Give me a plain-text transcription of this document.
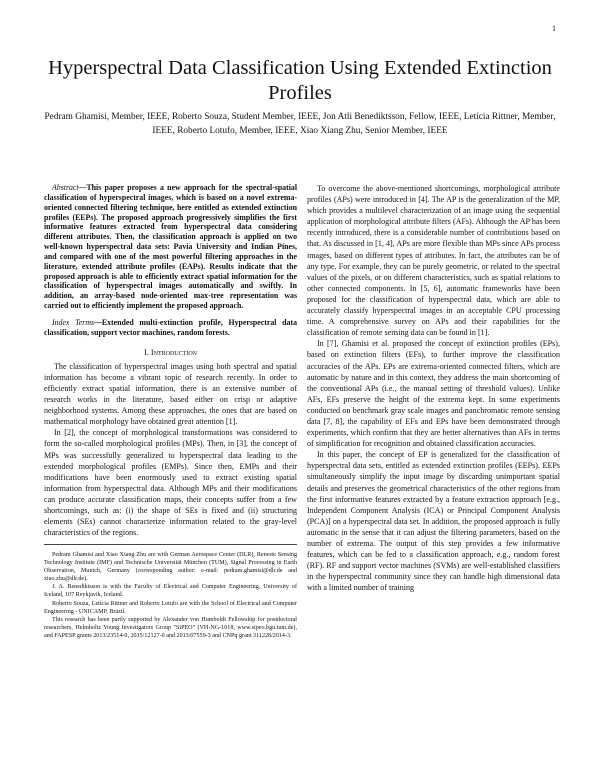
1
Hyperspectral Data Classification Using Extended Extinction Profiles
Pedram Ghamisi, Member, IEEE, Roberto Souza, Student Member, IEEE, Jon Atli Benediktsson, Fellow, IEEE, Letícia Rittner, Member, IEEE, Roberto Lotufo, Member, IEEE, Xiao Xiang Zhu, Senior Member, IEEE

Abstract—This paper proposes a new approach for the spectral-spatial classification of hyperspectral images, which is based on a novel extrema-oriented connected filtering technique, here entitled as extended extinction profiles (EEPs). The proposed approach progressively simplifies the first informative features extracted from hyperspectral data considering different attributes. Then, the classification approach is applied on two well-known hyperspectral data sets: Pavia University and Indian Pines, and compared with one of the most powerful filtering approaches in the literature, extended attribute profiles (EAPs). Results indicate that the proposed approach is able to efficiently extract spatial information for the classification of hyperspectral images automatically and swiftly. In addition, an array-based node-oriented max-tree representation was carried out to efficiently implement the proposed approach.

Index Terms—Extended multi-extinction profile, Hyperspectral data classification, support vector machines, random forests.

I. Introduction

The classification of hyperspectral images using both spectral and spatial information has become a vibrant topic of research recently. In order to efficiently extract spatial information, there is an extensive number of research works in the literature, based either on crisp or adaptive neighborhood systems. Among these approaches, the ones that are based on mathematical morphology have obtained great attention [1].

In [2], the concept of morphological transformations was considered to form the so-called morphological profiles (MPs). Then, in [3], the concept of MPs was successfully generalized to hyperspectral data leading to the extended morphological profiles (EMPs). Since then, EMPs and their modifications have been enormously used to extract existing spatial information from hyperspectral data. Although MPs and their modifications can produce accurate classification maps, their concepts suffer from a few shortcomings, such as: (i) the shape of SEs is fixed and (ii) structuring elements (SEs) cannot characterize information related to the gray-level characteristics of the regions.

Pedram Ghamisi and Xiao Xiang Zhu are with German Aerospace Center (DLR), Remote Sensing Technology Institute (IMF) and Technische Universität München (TUM), Signal Processing in Earth Observation, Munich, Germany (corresponding author: e-mail: pedram.ghamisi@dlr.de and xiao.zhu@dlr.de).

J. A. Benediktsson is with the Faculty of Electrical and Computer Engineering, University of Iceland, 107 Reykjavik, Iceland.

Roberto Souza, Letícia Rittner and Roberto Lotufo are with the School of Electrical and Computer Engineering - UNICAMP, Brazil.

This research has been partly supported by Alexander von Humboldt Fellowship for postdoctoral researchers, Helmholtz Young Investigators Group "SiPEO" (VH-NG-1018, www.sipeo.bgu.tum.de), and FAPESP grants 2013/23514-0, 2015/12127-0 and 2013/07559-3 and CNPq grant 311228/2014-3.

To overcome the above-mentioned shortcomings, morphological attribute profiles (APs) were introduced in [4]. The AP is the generalization of the MP, which provides a multilevel characterization of an image using the sequential application of morphological attribute filters (AFs). Although the AP has been recently introduced, there is a considerable number of contributions based on that. As discussed in [1, 4], APs are more flexible than MPs since APs process images, based on different types of attributes. In fact, the attributes can be of any type. For example, they can be purely geometric, or related to the spectral values of the pixels, or on different characteristics, such as spatial relations to other connected components. In [5, 6], automatic frameworks have been proposed for the classification of hyperspectral data, which are able to accurately classify hyperspectral images in an acceptable CPU processing time. A comprehensive survey on APs and their capabilities for the classification of remote sensing data can be found in [1].

In [7], Ghamisi et al. proposed the concept of extinction profiles (EPs), based on extinction filters (EFs), to further improve the classification accuracies of the APs. EPs are extrema-oriented connected filters, which are automatic by nature and in this context, they address the main shortcoming of the conventional APs (i.e., the manual setting of threshold values). Unlike AFs, EFs preserve the height of the extrema kept. In some experiments conducted on benchmark gray scale images and panchromatic remote sensing data [7, 8], the capability of EFs and EPs have been demonstrated through experiments, which confirm that they are better alternatives than AFs in terms of simplification for recognition and obtained classification accuracies.

In this paper, the concept of EP is generalized for the classification of hyperspectral data sets, entitled as extended extinction profiles (EEPs). EEPs simultaneously simplify the input image by discarding unimportant spatial details and preserves the geometrical characteristics of the other regions from the first informative features extracted by a feature extraction approach [e.g., Independent Component Analysis (ICA) or Principal Component Analysis (PCA)] on a hyperspectral data set. In addition, the proposed approach is fully automatic in the sense that it can adjust the filtering parameters, based on the number of extrema. The output of this step provides a few informative features, which can be fed to a classification approach, e.g., random forest (RF). RF and support vector machines (SVMs) are well-established classifiers in the hyperspectral community since they can handle high dimensional data with a limited number of training
